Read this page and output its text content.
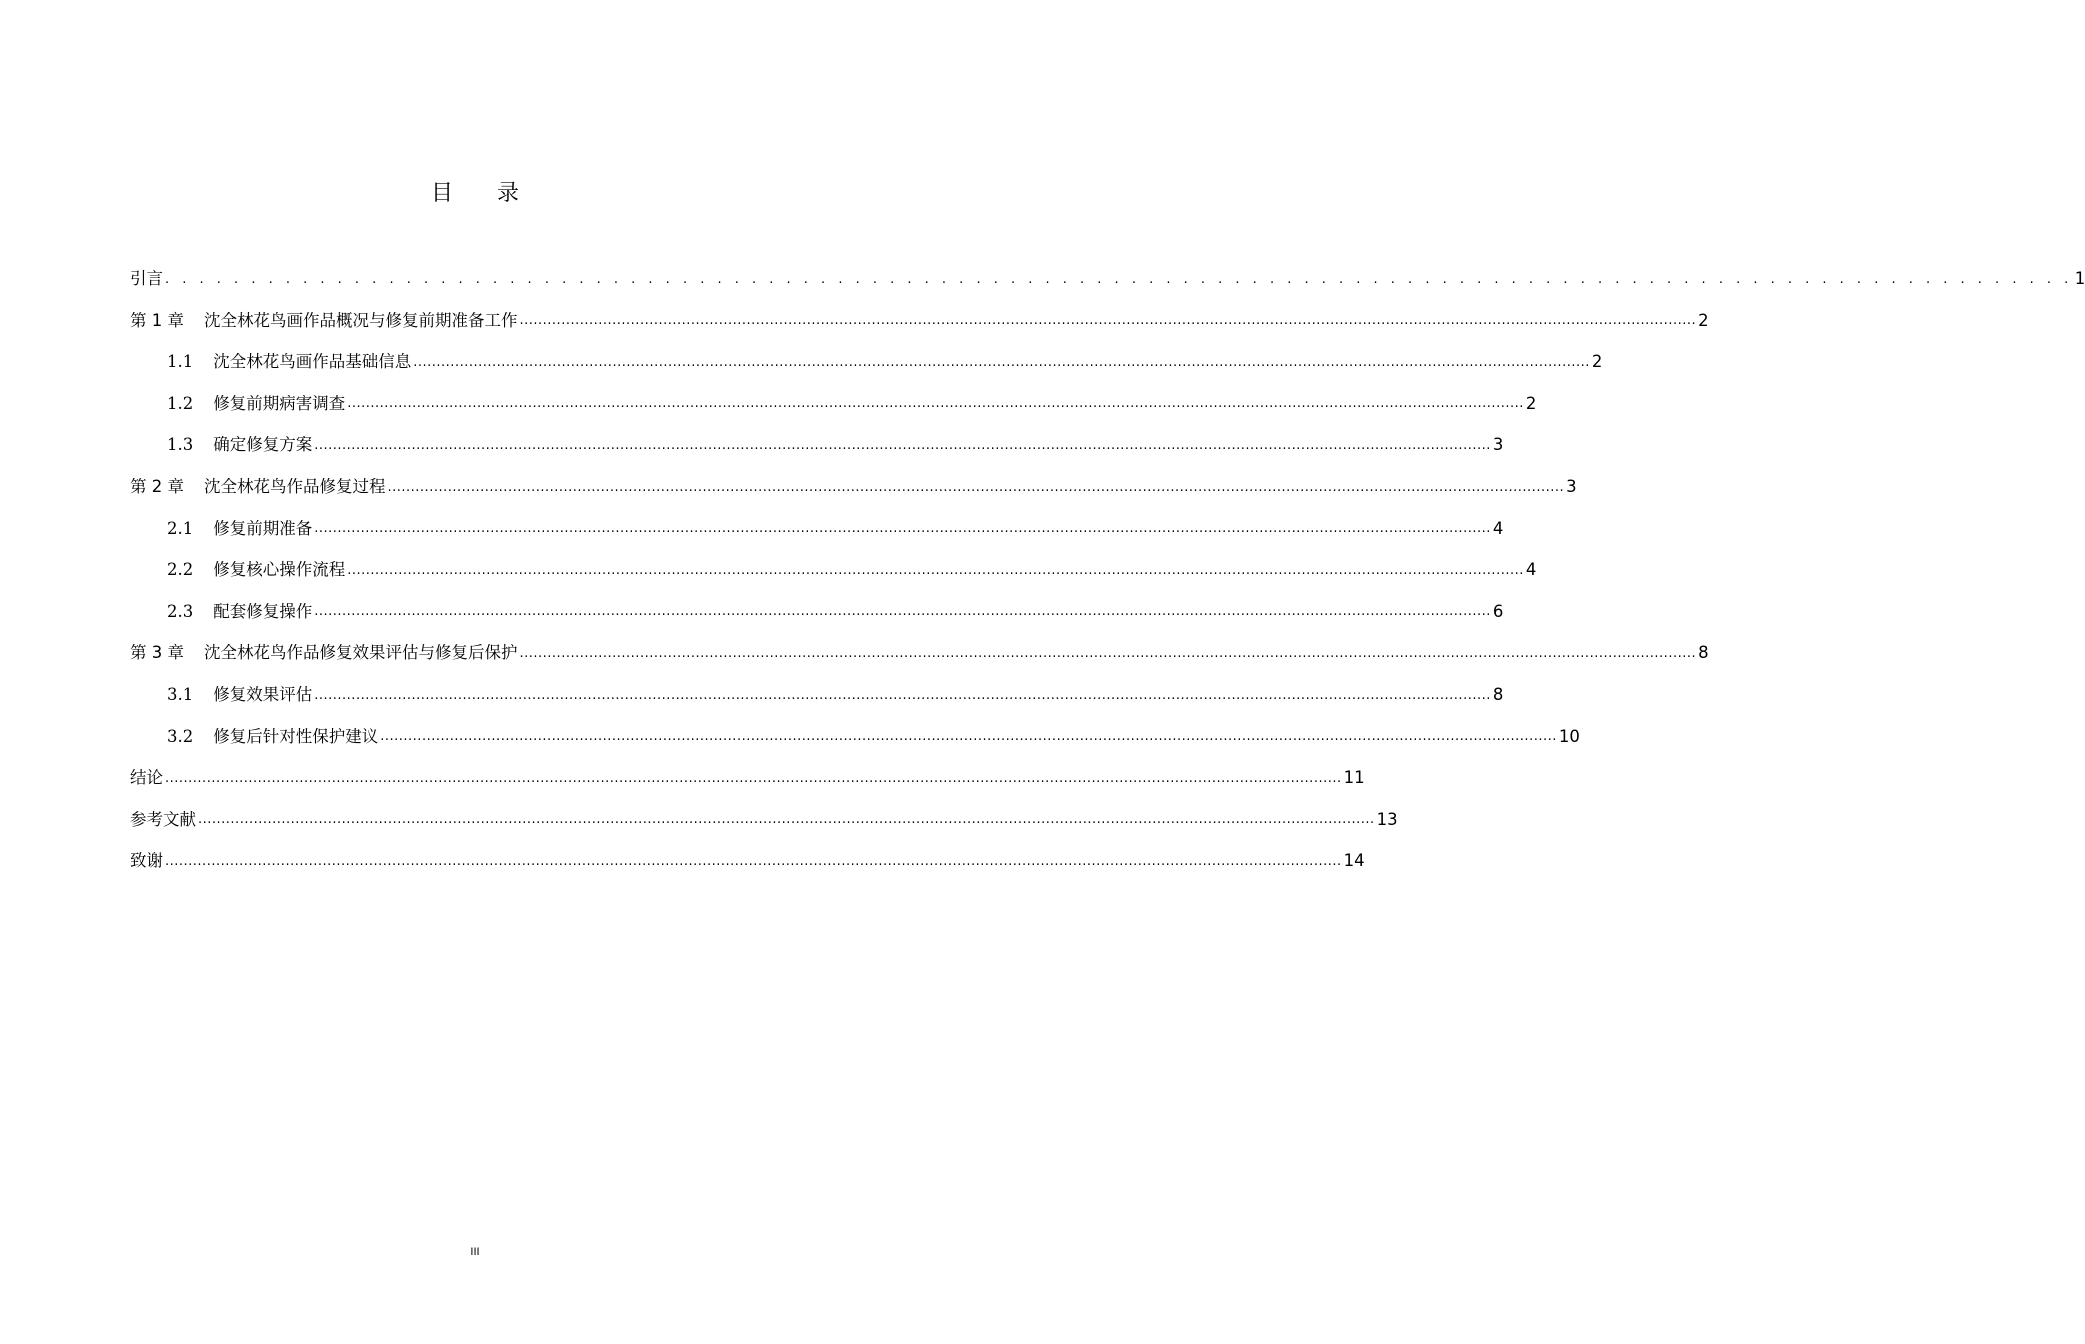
目 录
引言 . . . . . . . . . . . . . . . . . . . . . . . . . . . . . . . . . . . . . . . . . . . . . . . . . . . . . . . . . . . . . . . . . . . . . . . . . . . . . . . . . . . . . . . . . . . . . . . . . . . . . . . . . . . . . . . 1
第 1 章 沈全林花鸟画作品概况与修复前期准备工作 .............................................................................................................................................................................................................................................................. 2
1.1 沈全林花鸟画作品基础信息 .............................................................................................................................................................................................................................................................. 2
1.2 修复前期病害调查 .............................................................................................................................................................................................................................................................. 2
1.3 确定修复方案 .............................................................................................................................................................................................................................................................. 3
第 2 章 沈全林花鸟作品修复过程 .............................................................................................................................................................................................................................................................. 3
2.1 修复前期准备 .............................................................................................................................................................................................................................................................. 4
2.2 修复核心操作流程 .............................................................................................................................................................................................................................................................. 4
2.3 配套修复操作 .............................................................................................................................................................................................................................................................. 6
第 3 章 沈全林花鸟作品修复效果评估与修复后保护 .............................................................................................................................................................................................................................................................. 8
3.1 修复效果评估 .............................................................................................................................................................................................................................................................. 8
3.2 修复后针对性保护建议 .............................................................................................................................................................................................................................................................. 10
结论 .............................................................................................................................................................................................................................................................. 11
参考文献 .............................................................................................................................................................................................................................................................. 13
致谢 .............................................................................................................................................................................................................................................................. 14
III
